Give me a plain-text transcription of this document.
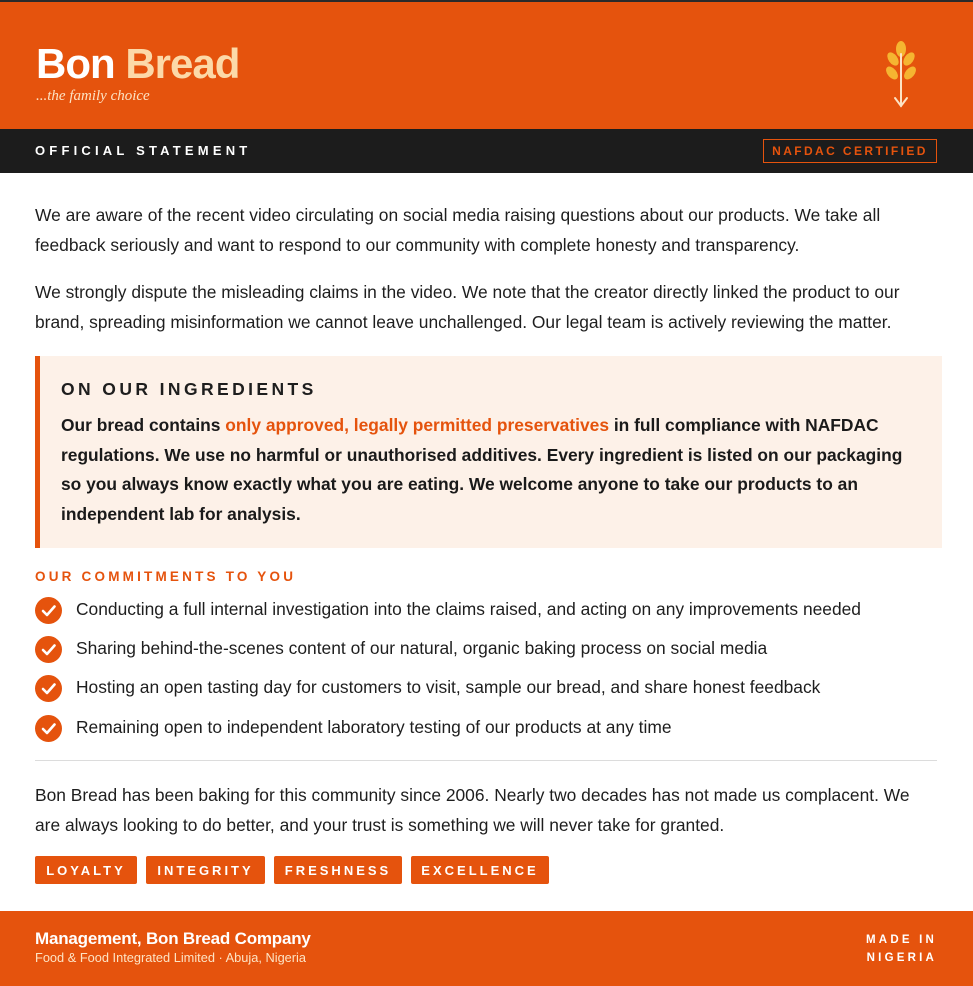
Bon Bread
...the family choice
OFFICIAL STATEMENT	NAFDAC CERTIFIED

We are aware of the recent video circulating on social media raising questions about our products. We take all feedback seriously and want to respond to our community with complete honesty and transparency.

We strongly dispute the misleading claims in the video. We note that the creator directly linked the product to our brand, spreading misinformation we cannot leave unchallenged. Our legal team is actively reviewing the matter.

ON OUR INGREDIENTS

Our bread contains only approved, legally permitted preservatives in full compliance with NAFDAC regulations. We use no harmful or unauthorised additives. Every ingredient is listed on our packaging so you always know exactly what you are eating. We welcome anyone to take our products to an independent lab for analysis.

OUR COMMITMENTS TO YOU
Conducting a full internal investigation into the claims raised, and acting on any improvements needed
Sharing behind-the-scenes content of our natural, organic baking process on social media
Hosting an open tasting day for customers to visit, sample our bread, and share honest feedback
Remaining open to independent laboratory testing of our products at any time

Bon Bread has been baking for this community since 2006. Nearly two decades has not made us complacent. We are always looking to do better, and your trust is something we will never take for granted.

LOYALTY	INTEGRITY	FRESHNESS	EXCELLENCE
Management, Bon Bread Company
Food & Food Integrated Limited · Abuja, Nigeria
MADE IN
NIGERIA
